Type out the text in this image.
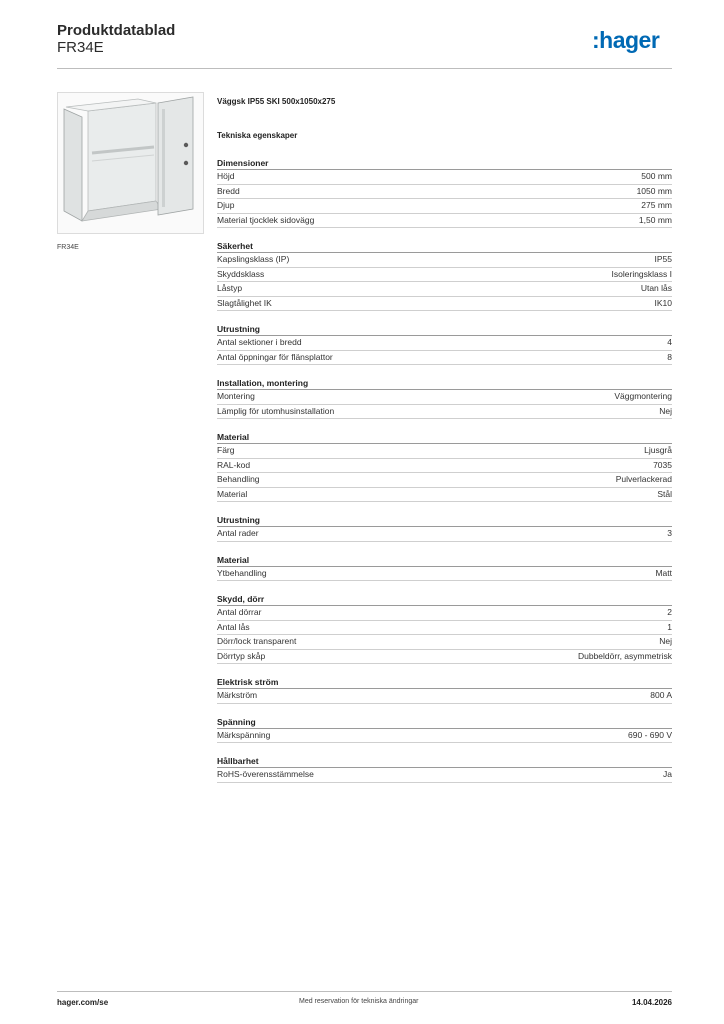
Produktdatablad
FR34E	:hager
FR34E
Väggsk IP55 SKI 500x1050x275
Tekniska egenskaper
Dimensioner
Höjd	500 mm
Bredd	1050 mm
Djup	275 mm
Material tjocklek sidovägg	1,50 mm
Säkerhet
Kapslingsklass (IP)	IP55
Skyddsklass	Isoleringsklass I
Låstyp	Utan lås
Slagtålighet IK	IK10
Utrustning
Antal sektioner i bredd	4
Antal öppningar för flänsplattor	8
Installation, montering
Montering	Väggmontering
Lämplig för utomhusinstallation	Nej
Material
Färg	Ljusgrå
RAL-kod	7035
Behandling	Pulverlackerad
Material	Stål
Utrustning
Antal rader	3
Material
Ytbehandling	Matt
Skydd, dörr
Antal dörrar	2
Antal lås	1
Dörr/lock transparent	Nej
Dörrtyp skåp	Dubbeldörr, asymmetrisk
Elektrisk ström
Märkström	800 A
Spänning
Märkspänning	690 - 690 V
Hållbarhet
RoHS-överensstämmelse	Ja
hager.com/se	Med reservation för tekniska ändringar	14.04.2026
